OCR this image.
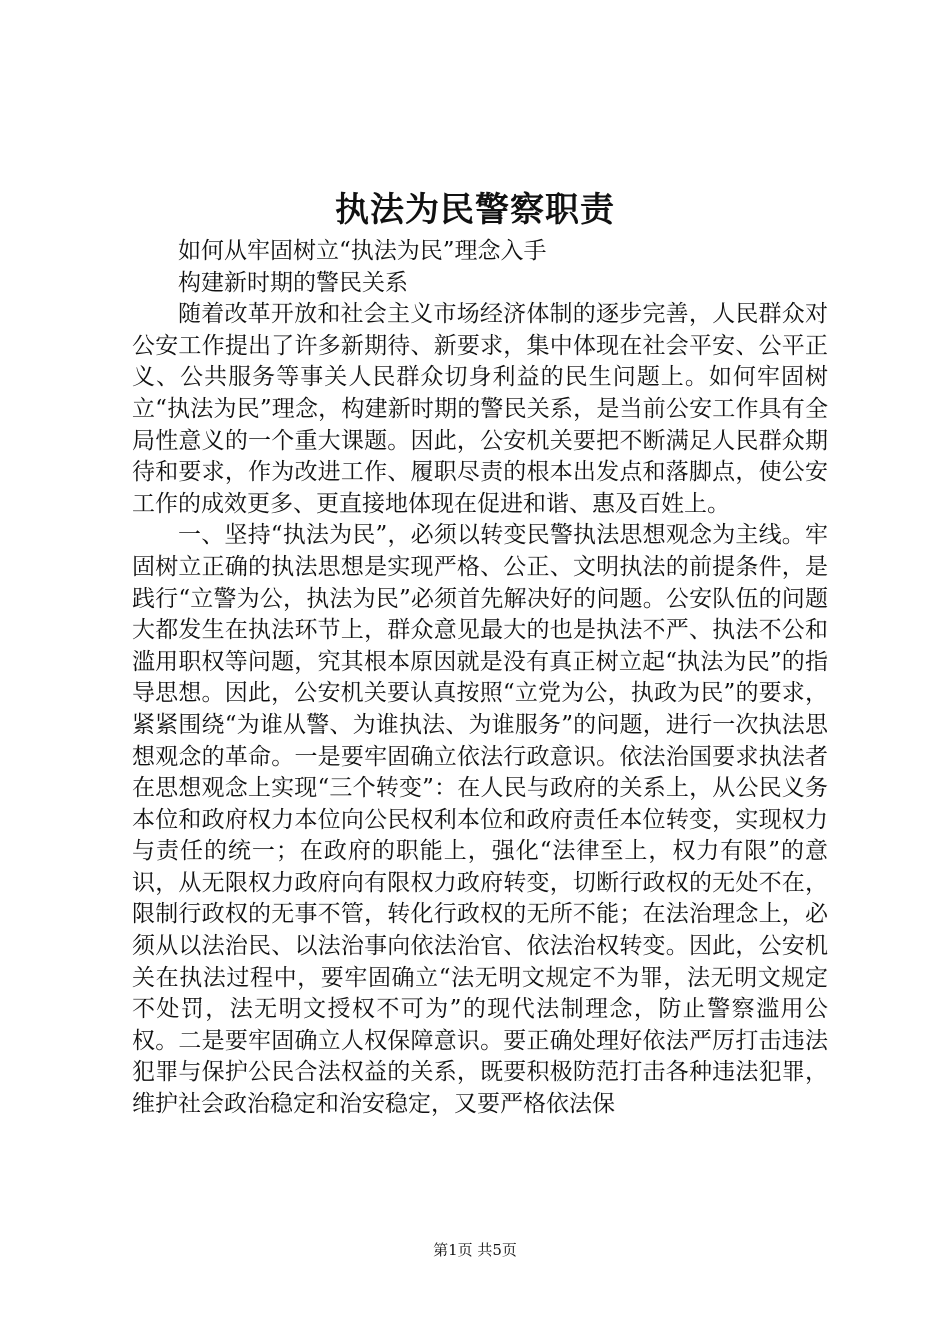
执法为民警察职责

如何从牢固树立“执法为民”理念入手

构建新时期的警民关系

随着改革开放和社会主义市场经济体制的逐步完善，人民群众对公安工作提出了许多新期待、新要求，集中体现在社会平安、公平正义、公共服务等事关人民群众切身利益的民生问题上。如何牢固树立“执法为民”理念，构建新时期的警民关系，是当前公安工作具有全局性意义的一个重大课题。因此，公安机关要把不断满足人民群众期待和要求，作为改进工作、履职尽责的根本出发点和落脚点，使公安工作的成效更多、更直接地体现在促进和谐、惠及百姓上。

一、坚持“执法为民”，必须以转变民警执法思想观念为主线。牢固树立正确的执法思想是实现严格、公正、文明执法的前提条件，是践行“立警为公，执法为民”必须首先解决好的问题。公安队伍的问题大都发生在执法环节上，群众意见最大的也是执法不严、执法不公和滥用职权等问题，究其根本原因就是没有真正树立起“执法为民”的指导思想。因此，公安机关要认真按照“立党为公，执政为民”的要求，紧紧围绕“为谁从警、为谁执法、为谁服务”的问题，进行一次执法思想观念的革命。一是要牢固确立依法行政意识。依法治国要求执法者在思想观念上实现“三个转变”：在人民与政府的关系上，从公民义务本位和政府权力本位向公民权利本位和政府责任本位转变，实现权力与责任的统一；在政府的职能上，强化“法律至上，权力有限”的意识，从无限权力政府向有限权力政府转变，切断行政权的无处不在，限制行政权的无事不管，转化行政权的无所不能；在法治理念上，必须从以法治民、以法治事向依法治官、依法治权转变。因此，公安机关在执法过程中，要牢固确立“法无明文规定不为罪，法无明文规定不处罚，法无明文授权不可为”的现代法制理念，防止警察滥用公权。二是要牢固确立人权保障意识。要正确处理好依法严厉打击违法犯罪与保护公民合法权益的关系，既要积极防范打击各种违法犯罪，维护社会政治稳定和治安稳定，又要严格依法保

第1页 共5页
